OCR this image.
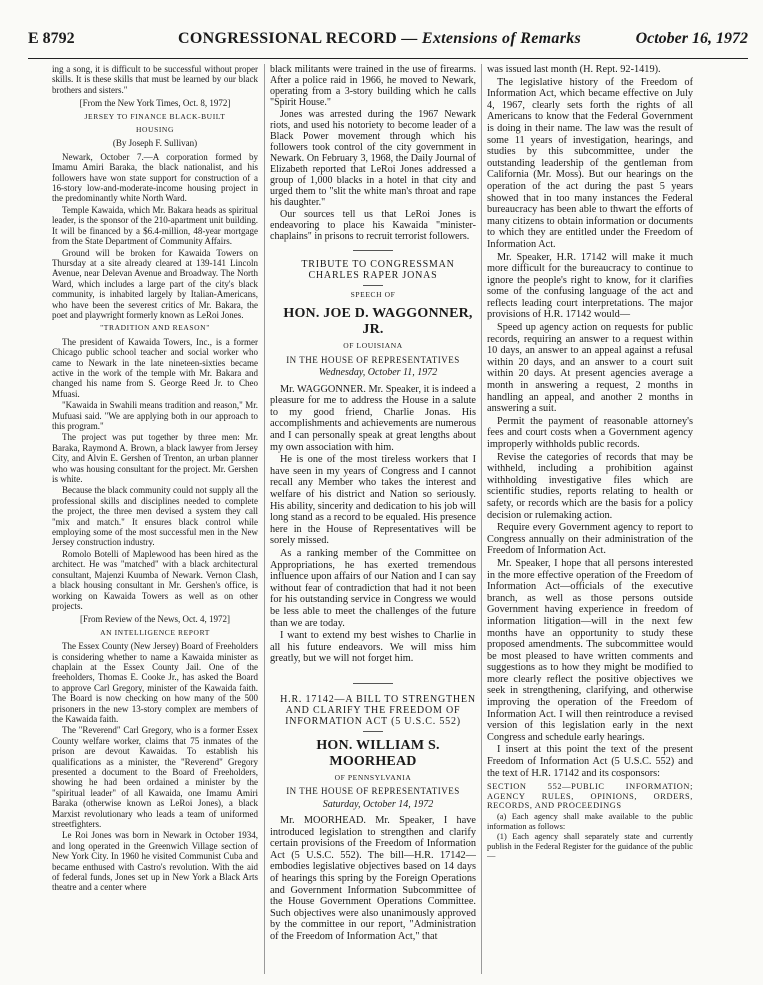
E 8792	CONGRESSIONAL RECORD — Extensions of Remarks	October 16, 1972

ing a song, it is difficult to be successful without proper skills. It is these skills that must be learned by our black brothers and sisters."

[From the New York Times, Oct. 8, 1972]

JERSEY TO FINANCE BLACK-BUILT

HOUSING

(By Joseph F. Sullivan)

Newark, October 7.—A corporation formed by Imamu Amiri Baraka, the black nationalist, and his followers have won state support for construction of a 16-story low-and-moderate-income housing project in the predominantly white North Ward.

Temple Kawaida, which Mr. Bakara heads as spiritual leader, is the sponsor of the 210-apartment unit building. It will be financed by a $6.4-million, 48-year mortgage from the State Department of Community Affairs.

Ground will be broken for Kawaida Towers on Thursday at a site already cleared at 139-141 Lincoln Avenue, near Delevan Avenue and Broadway. The North Ward, which includes a large part of the city's black community, is inhabited largely by Italian-Americans, who have been the severest critics of Mr. Bakara, the poet and playwright formerly known as LeRoi Jones.

"TRADITION AND REASON"

The president of Kawaida Towers, Inc., is a former Chicago public school teacher and social worker who came to Newark in the late nineteen-sixties became active in the work of the temple with Mr. Bakara and changed his name from S. George Reed Jr. to Cheo Mfuasi.

"Kawaida in Swahili means tradition and reason," Mr. Mufuasi said. "We are applying both in our approach to this program."

The project was put together by three men: Mr. Baraka, Raymond A. Brown, a black lawyer from Jersey City, and Alvin E. Gershen of Trenton, an urban planner who was housing consultant for the project. Mr. Gershen is white.

Because the black community could not supply all the professional skills and disciplines needed to complete the project, the three men devised a system they call "mix and match." It ensures black control while employing some of the most successful men in the New Jersey construction industry.

Romolo Botelli of Maplewood has been hired as the architect. He was "matched" with a black architectural consultant, Majenzi Kuumba of Newark. Vernon Clash, a black housing consultant in Mr. Gershen's office, is working on Kawaida Towers as well as on other projects.

[From Review of the News, Oct. 4, 1972]

AN INTELLIGENCE REPORT

The Essex County (New Jersey) Board of Freeholders is considering whether to name a Kawaida minister as chaplain at the Essex County Jail. One of the freeholders, Thomas E. Cooke Jr., has asked the Board to approve Carl Gregory, minister of the Kawaida faith. The Board is now checking on how many of the 500 prisoners in the new 13-story complex are members of the Kawaida faith.

The "Reverend" Carl Gregory, who is a former Essex County welfare worker, claims that 75 inmates of the prison are devout Kawaidas. To establish his qualifications as a minister, the "Reverend" Gregory presented a document to the Board of Freeholders, showing he had been ordained a minister by the "spiritual leader" of all Kawaida, one Imamu Amiri Baraka (otherwise known as LeRoi Jones), a black Marxist revolutionary who leads a team of uniformed streetfighters.

Le Roi Jones was born in Newark in October 1934, and long operated in the Greenwich Village section of New York City. In 1960 he visited Communist Cuba and became enthused with Castro's revolution. With the aid of federal funds, Jones set up in New York a Black Arts theatre and a center where

black militants were trained in the use of firearms. After a police raid in 1966, he moved to Newark, operating from a 3-story building which he calls "Spirit House."

Jones was arrested during the 1967 Newark riots, and used his notoriety to become leader of a Black Power movement through which his followers took control of the city government in Newark. On February 3, 1968, the Daily Journal of Elizabeth reported that LeRoi Jones addressed a group of 1,000 blacks in a hotel in that city and urged them to "slit the white man's throat and rape his daughter."

Our sources tell us that LeRoi Jones is endeavoring to place his Kawaida "minister-chaplains" in prisons to recruit terrorist followers.

TRIBUTE TO CONGRESSMAN CHARLES RAPER JONAS

SPEECH OF

HON. JOE D. WAGGONNER, JR.

OF LOUISIANA

IN THE HOUSE OF REPRESENTATIVES

Wednesday, October 11, 1972

Mr. WAGGONNER. Mr. Speaker, it is indeed a pleasure for me to address the House in a salute to my good friend, Charlie Jonas. His accomplishments and achievements are numerous and I can personally speak at great lengths about my own association with him.

He is one of the most tireless workers that I have seen in my years of Congress and I cannot recall any Member who takes the interest and welfare of his district and Nation so seriously. His ability, sincerity and dedication to his job will long stand as a record to be equaled. His presence here in the House of Representatives will be sorely missed.

As a ranking member of the Committee on Appropriations, he has exerted tremendous influence upon affairs of our Nation and I can say without fear of contradiction that had it not been for his outstanding service in Congress we would be less able to meet the challenges of the future than we are today.

I want to extend my best wishes to Charlie in all his future endeavors. We will miss him greatly, but we will not forget him.

H.R. 17142—A BILL TO STRENGTHEN AND CLARIFY THE FREEDOM OF INFORMATION ACT (5 U.S.C. 552)

HON. WILLIAM S. MOORHEAD

OF PENNSYLVANIA

IN THE HOUSE OF REPRESENTATIVES

Saturday, October 14, 1972

Mr. MOORHEAD. Mr. Speaker, I have introduced legislation to strengthen and clarify certain provisions of the Freedom of Information Act (5 U.S.C. 552). The bill—H.R. 17142—embodies legislative objectives based on 14 days of hearings this spring by the Foreign Operations and Government Information Subcommittee of the House Government Operations Committee. Such objectives were also unanimously approved by the committee in our report, "Administration of the Freedom of Information Act," that

was issued last month (H. Rept. 92-1419).

The legislative history of the Freedom of Information Act, which became effective on July 4, 1967, clearly sets forth the rights of all Americans to know that the Federal Government is doing in their name. The law was the result of some 11 years of investigation, hearings, and studies by this subcommittee, under the outstanding leadership of the gentleman from California (Mr. Moss). But our hearings on the operation of the act during the past 5 years showed that in too many instances the Federal bureaucracy has been able to thwart the efforts of many citizens to obtain information or documents to which they are entitled under the Freedom of Information Act.

Mr. Speaker, H.R. 17142 will make it much more difficult for the bureaucracy to continue to ignore the people's right to know, for it clarifies some of the confusing language of the act and reflects leading court interpretations. The major provisions of H.R. 17142 would—

Speed up agency action on requests for public records, requiring an answer to a request within 10 days, an answer to an appeal against a refusal within 20 days, and an answer to a court suit within 20 days. At present agencies average a month in answering a request, 2 months in handling an appeal, and another 2 months in answering a suit.

Permit the payment of reasonable attorney's fees and court costs when a Government agency improperly withholds public records.

Revise the categories of records that may be withheld, including a prohibition against withholding investigative files which are scientific studies, reports relating to health or safety, or records which are the basis for a policy decision or rulemaking action.

Require every Government agency to report to Congress annually on their administration of the Freedom of Information Act.

Mr. Speaker, I hope that all persons interested in the more effective operation of the Freedom of Information Act—officials of the executive branch, as well as those persons outside Government having experience in freedom of information litigation—will in the next few months have an opportunity to study these proposed amendments. The subcommittee would be most pleased to have written comments and suggestions as to how they might be modified to more clearly reflect the positive objectives we seek in strengthening, clarifying, and otherwise improving the operation of the Freedom of Information Act. I will then reintroduce a revised version of this legislation early in the next Congress and schedule early hearings.

I insert at this point the text of the present Freedom of Information Act (5 U.S.C. 552) and the text of H.R. 17142 and its cosponsors:

SECTION 552—PUBLIC INFORMATION; AGENCY RULES, OPINIONS, ORDERS, RECORDS, AND PROCEEDINGS

(a) Each agency shall make available to the public information as follows:

(1) Each agency shall separately state and currently publish in the Federal Register for the guidance of the public—
